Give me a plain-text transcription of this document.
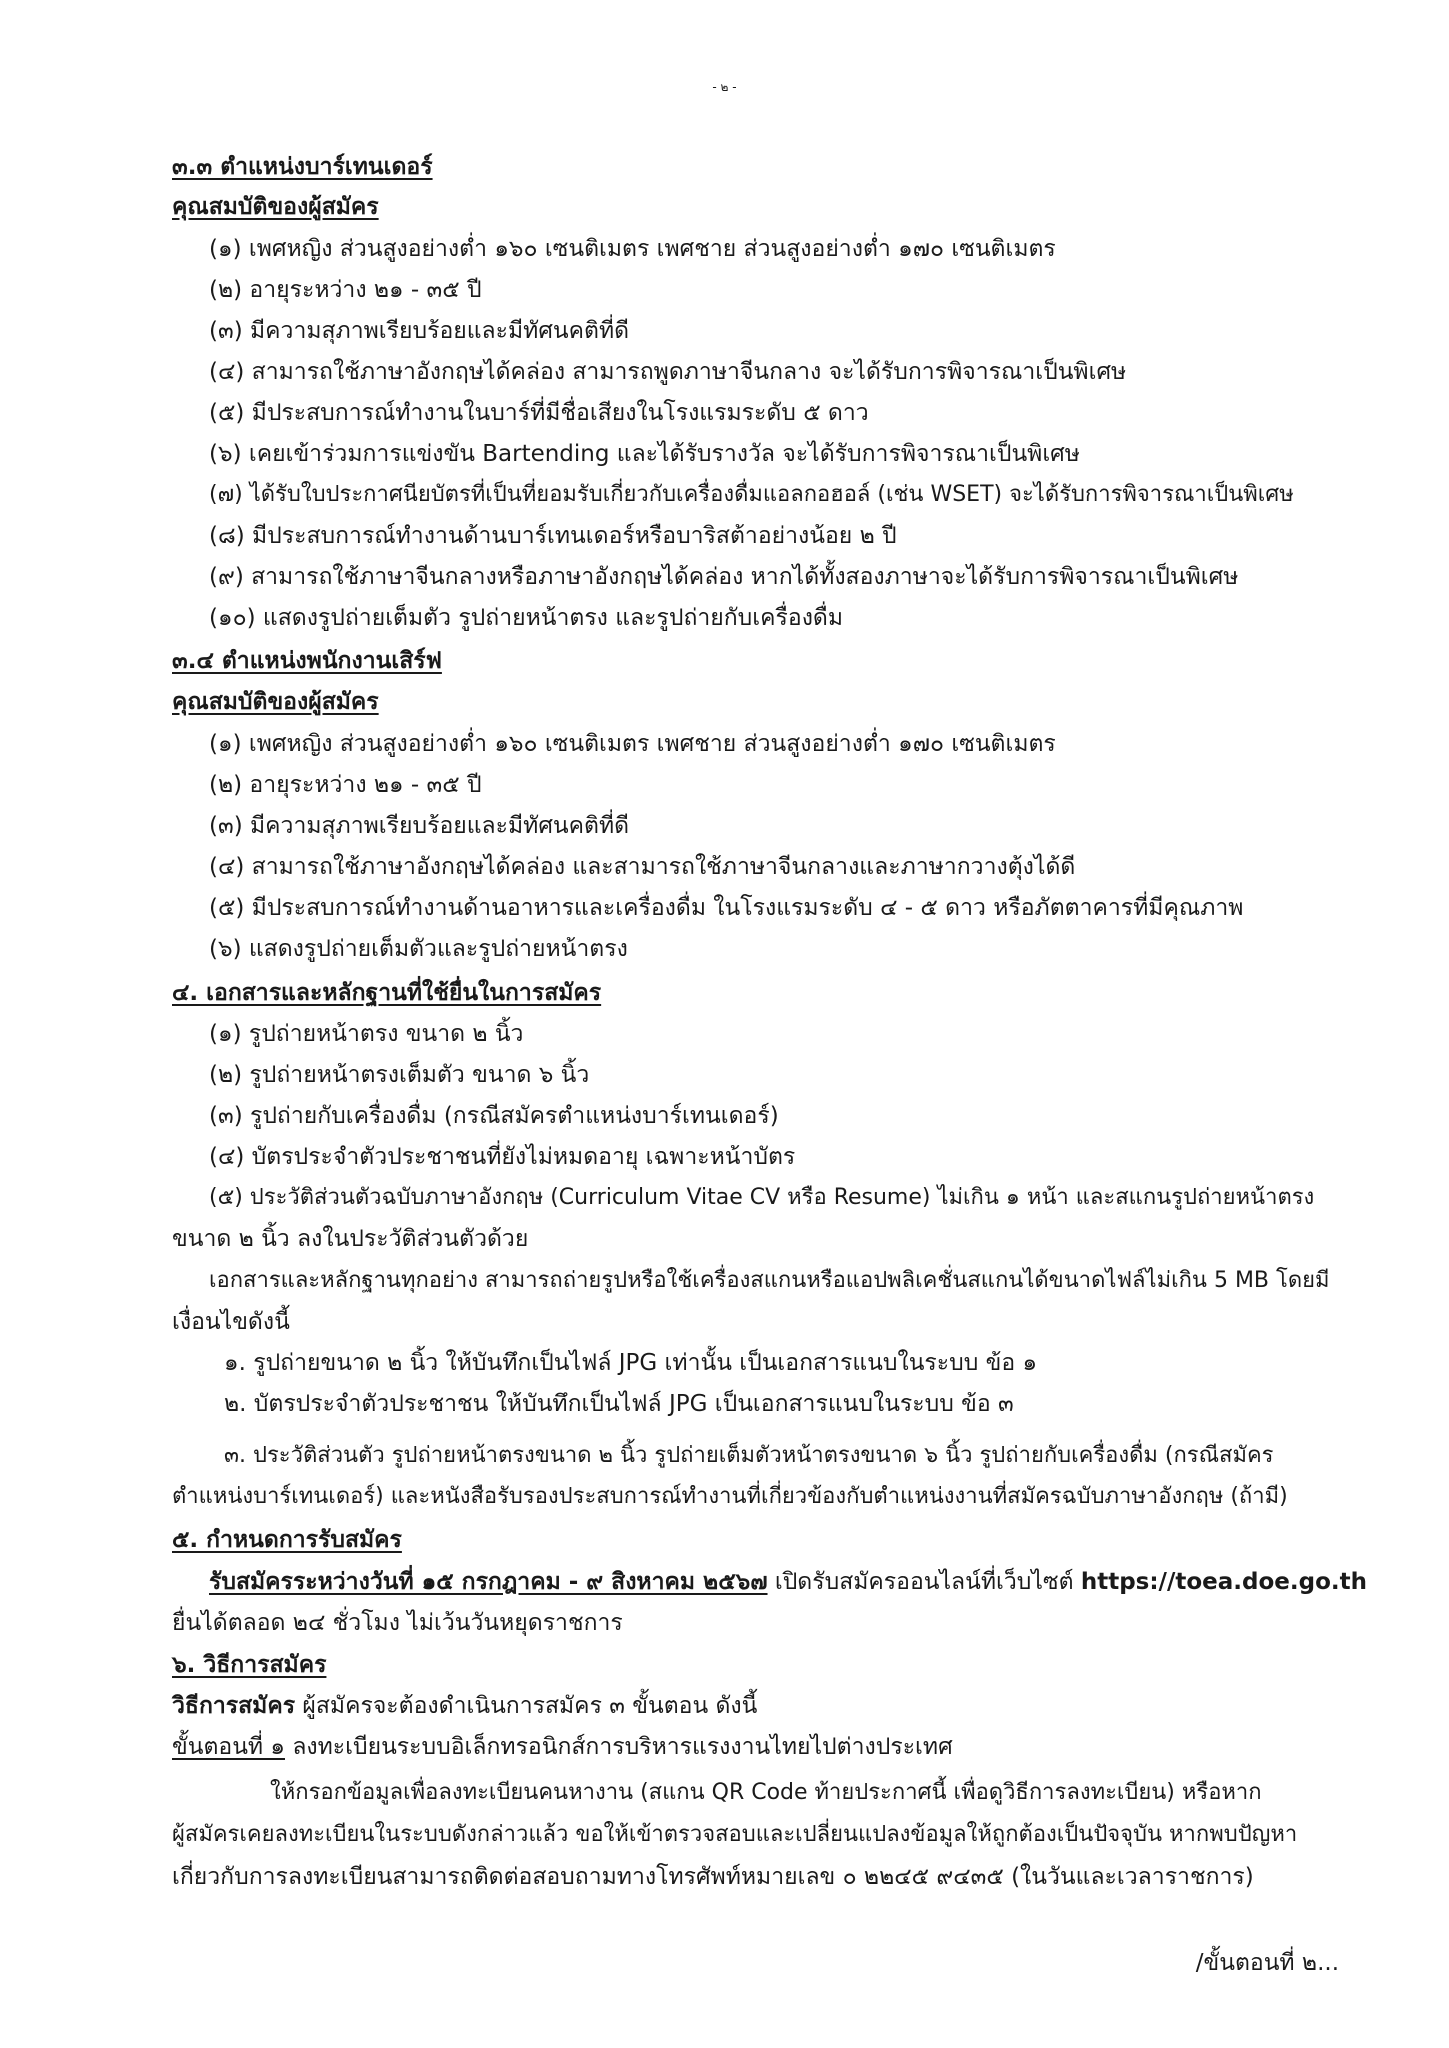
- ๒ -
๓.๓ ตำแหน่งบาร์เทนเดอร์
คุณสมบัติของผู้สมัคร
(๑) เพศหญิง ส่วนสูงอย่างต่ำ ๑๖๐ เซนติเมตร เพศชาย ส่วนสูงอย่างต่ำ ๑๗๐ เซนติเมตร
(๒) อายุระหว่าง ๒๑ - ๓๕ ปี
(๓) มีความสุภาพเรียบร้อยและมีทัศนคติที่ดี
(๔) สามารถใช้ภาษาอังกฤษได้คล่อง สามารถพูดภาษาจีนกลาง จะได้รับการพิจารณาเป็นพิเศษ
(๕) มีประสบการณ์ทำงานในบาร์ที่มีชื่อเสียงในโรงแรมระดับ ๕ ดาว
(๖) เคยเข้าร่วมการแข่งขัน Bartending และได้รับรางวัล จะได้รับการพิจารณาเป็นพิเศษ
(๗) ได้รับใบประกาศนียบัตรที่เป็นที่ยอมรับเกี่ยวกับเครื่องดื่มแอลกอฮอล์ (เช่น WSET) จะได้รับการพิจารณาเป็นพิเศษ
(๘) มีประสบการณ์ทำงานด้านบาร์เทนเดอร์หรือบาริสต้าอย่างน้อย ๒ ปี
(๙) สามารถใช้ภาษาจีนกลางหรือภาษาอังกฤษได้คล่อง หากได้ทั้งสองภาษาจะได้รับการพิจารณาเป็นพิเศษ
(๑๐) แสดงรูปถ่ายเต็มตัว รูปถ่ายหน้าตรง และรูปถ่ายกับเครื่องดื่ม
๓.๔ ตำแหน่งพนักงานเสิร์ฟ
คุณสมบัติของผู้สมัคร
(๑) เพศหญิง ส่วนสูงอย่างต่ำ ๑๖๐ เซนติเมตร เพศชาย ส่วนสูงอย่างต่ำ ๑๗๐ เซนติเมตร
(๒) อายุระหว่าง ๒๑ - ๓๕ ปี
(๓) มีความสุภาพเรียบร้อยและมีทัศนคติที่ดี
(๔) สามารถใช้ภาษาอังกฤษได้คล่อง และสามารถใช้ภาษาจีนกลางและภาษากวางตุ้งได้ดี
(๕) มีประสบการณ์ทำงานด้านอาหารและเครื่องดื่ม ในโรงแรมระดับ ๔ - ๕ ดาว หรือภัตตาคารที่มีคุณภาพ
(๖) แสดงรูปถ่ายเต็มตัวและรูปถ่ายหน้าตรง
๔. เอกสารและหลักฐานที่ใช้ยื่นในการสมัคร
(๑) รูปถ่ายหน้าตรง ขนาด ๒ นิ้ว
(๒) รูปถ่ายหน้าตรงเต็มตัว ขนาด ๖ นิ้ว
(๓) รูปถ่ายกับเครื่องดื่ม (กรณีสมัครตำแหน่งบาร์เทนเดอร์)
(๔) บัตรประจำตัวประชาชนที่ยังไม่หมดอายุ เฉพาะหน้าบัตร
(๕) ประวัติส่วนตัวฉบับภาษาอังกฤษ (Curriculum Vitae CV หรือ Resume) ไม่เกิน ๑ หน้า และสแกนรูปถ่ายหน้าตรง
ขนาด ๒ นิ้ว ลงในประวัติส่วนตัวด้วย
เอกสารและหลักฐานทุกอย่าง สามารถถ่ายรูปหรือใช้เครื่องสแกนหรือแอปพลิเคชั่นสแกนได้ขนาดไฟล์ไม่เกิน 5 MB โดยมี
เงื่อนไขดังนี้
๑. รูปถ่ายขนาด ๒ นิ้ว ให้บันทึกเป็นไฟล์ JPG เท่านั้น เป็นเอกสารแนบในระบบ ข้อ ๑
๒. บัตรประจำตัวประชาชน ให้บันทึกเป็นไฟล์ JPG เป็นเอกสารแนบในระบบ ข้อ ๓
๓. ประวัติส่วนตัว รูปถ่ายหน้าตรงขนาด ๒ นิ้ว รูปถ่ายเต็มตัวหน้าตรงขนาด ๖ นิ้ว รูปถ่ายกับเครื่องดื่ม (กรณีสมัคร
ตำแหน่งบาร์เทนเดอร์) และหนังสือรับรองประสบการณ์ทำงานที่เกี่ยวข้องกับตำแหน่งงานที่สมัครฉบับภาษาอังกฤษ (ถ้ามี)
๕. กำหนดการรับสมัคร
รับสมัครระหว่างวันที่ ๑๕ กรกฎาคม - ๙ สิงหาคม ๒๕๖๗ เปิดรับสมัครออนไลน์ที่เว็บไซต์ https://toea.doe.go.th
ยื่นได้ตลอด ๒๔ ชั่วโมง ไม่เว้นวันหยุดราชการ
๖. วิธีการสมัคร
วิธีการสมัคร ผู้สมัครจะต้องดำเนินการสมัคร ๓ ขั้นตอน ดังนี้
ขั้นตอนที่ ๑ ลงทะเบียนระบบอิเล็กทรอนิกส์การบริหารแรงงานไทยไปต่างประเทศ
ให้กรอกข้อมูลเพื่อลงทะเบียนคนหางาน (สแกน QR Code ท้ายประกาศนี้ เพื่อดูวิธีการลงทะเบียน) หรือหาก
ผู้สมัครเคยลงทะเบียนในระบบดังกล่าวแล้ว ขอให้เข้าตรวจสอบและเปลี่ยนแปลงข้อมูลให้ถูกต้องเป็นปัจจุบัน หากพบปัญหา
เกี่ยวกับการลงทะเบียนสามารถติดต่อสอบถามทางโทรศัพท์หมายเลข ๐ ๒๒๔๕ ๙๔๓๕ (ในวันและเวลาราชการ)
/ขั้นตอนที่ ๒...
